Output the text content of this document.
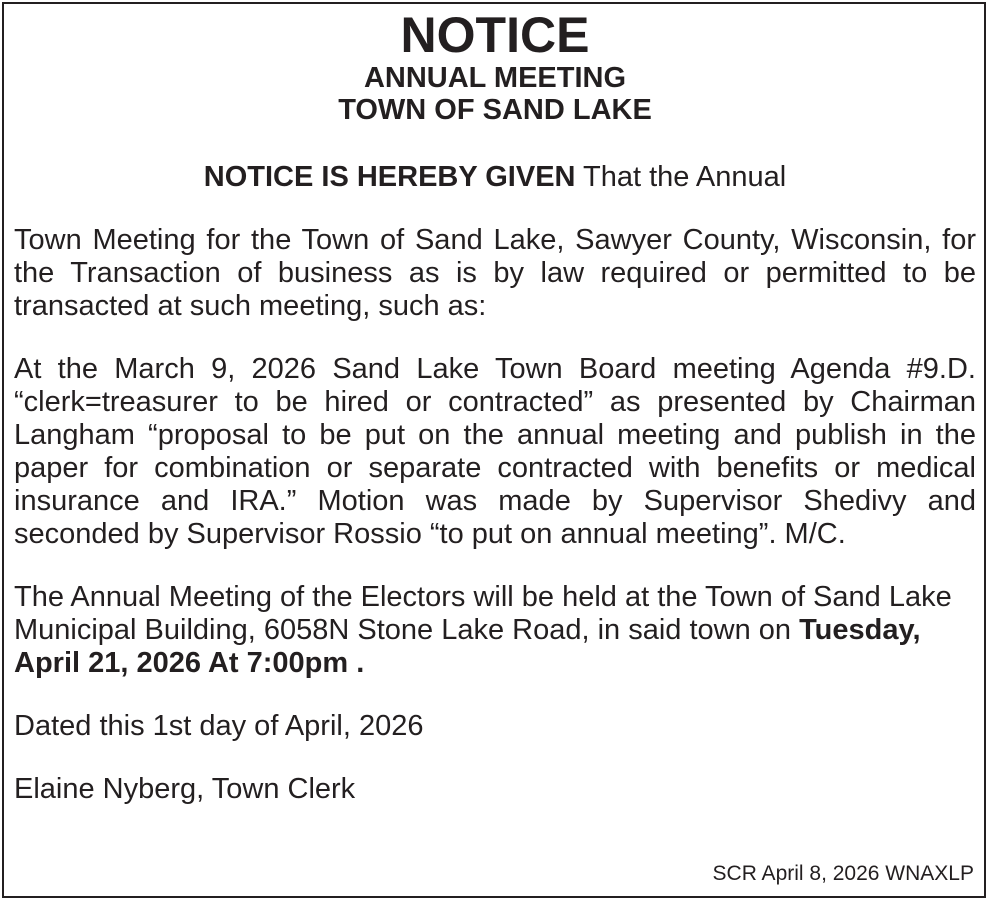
NOTICE
ANNUAL MEETING
TOWN OF SAND LAKE

NOTICE IS HEREBY GIVEN That the Annual

Town Meeting for the Town of Sand Lake, Sawyer County, Wisconsin, for the Transaction of business as is by law required or permitted to be transacted at such meeting, such as:

At the March 9, 2026 Sand Lake Town Board meeting Agenda #9.D. “clerk=treasurer to be hired or contracted” as presented by Chairman Langham “proposal to be put on the annual meeting and publish in the paper for combination or separate contracted with benefits or medical insurance and IRA.” Motion was made by Supervisor Shedivy and seconded by Supervisor Rossio “to put on annual meeting”. M/C.

The Annual Meeting of the Electors will be held at the Town of Sand Lake Municipal Building, 6058N Stone Lake Road, in said town on Tuesday, April 21, 2026 At 7:00pm .

Dated this 1st day of April, 2026

Elaine Nyberg, Town Clerk

SCR April 8, 2026 WNAXLP
